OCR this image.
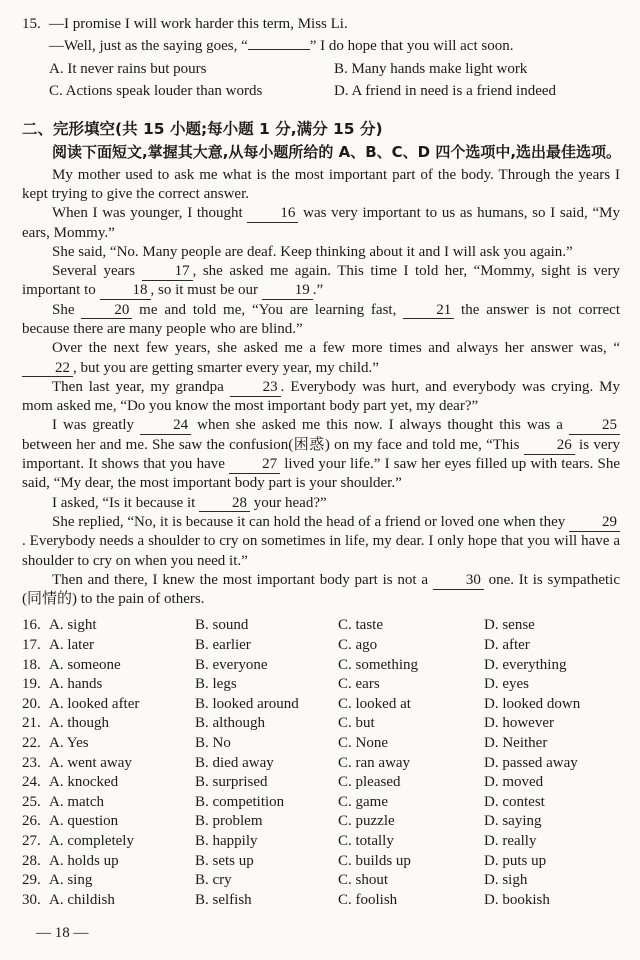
15. —I promise I will work harder this term, Miss Li.
—Well, just as the saying goes, “	” I do hope that you will act soon.
A. It never rains but pours	B. Many hands make light work
C. Actions speak louder than words	D. A friend in need is a friend indeed
二、完形填空(共 15 小题;每小题 1 分,满分 15 分)

阅读下面短文,掌握其大意,从每小题所给的 A、B、C、D 四个选项中,选出最佳选项。

My mother used to ask me what is the most important part of the body. Through the years I kept trying to give the correct answer.

When I was younger, I thought 16 was very important to us as humans, so I said, “My ears, Mommy.”

She said, “No. Many people are deaf. Keep thinking about it and I will ask you again.”

Several years 17 , she asked me again. This time I told her, “Mommy, sight is very important to 18 , so it must be our 19 .”

She 20 me and told me, “You are learning fast, 21 the answer is not correct because there are many people who are blind.”

Over the next few years, she asked me a few more times and always her answer was, “22 , but you are getting smarter every year, my child.”

Then last year, my grandpa 23 . Everybody was hurt, and everybody was crying. My mom asked me, “Do you know the most important body part yet, my dear?”

I was greatly 24 when she asked me this now. I always thought this was a 25 between her and me. She saw the confusion(困惑) on my face and told me, “This 26 is very important. It shows that you have 27 lived your life.” I saw her eyes filled up with tears. She said, “My dear, the most important body part is your shoulder.”

I asked, “Is it because it 28 your head?”

She replied, “No, it is because it can hold the head of a friend or loved one when they 29. Everybody needs a shoulder to cry on sometimes in life, my dear. I only hope that you will have a shoulder to cry on when you need it.”

Then and there, I knew the most important body part is not a 30 one. It is sympathetic (同情的) to the pain of others.

16. A. sight	B. sound	C. taste	D. sense
17. A. later	B. earlier	C. ago	D. after
18. A. someone	B. everyone	C. something	D. everything
19. A. hands	B. legs	C. ears	D. eyes
20. A. looked after	B. looked around	C. looked at	D. looked down
21. A. though	B. although	C. but	D. however
22. A. Yes	B. No	C. None	D. Neither
23. A. went away	B. died away	C. ran away	D. passed away
24. A. knocked	B. surprised	C. pleased	D. moved
25. A. match	B. competition	C. game	D. contest
26. A. question	B. problem	C. puzzle	D. saying
27. A. completely	B. happily	C. totally	D. really
28. A. holds up	B. sets up	C. builds up	D. puts up
29. A. sing	B. cry	C. shout	D. sigh
30. A. childish	B. selfish	C. foolish	D. bookish
— 18 —
